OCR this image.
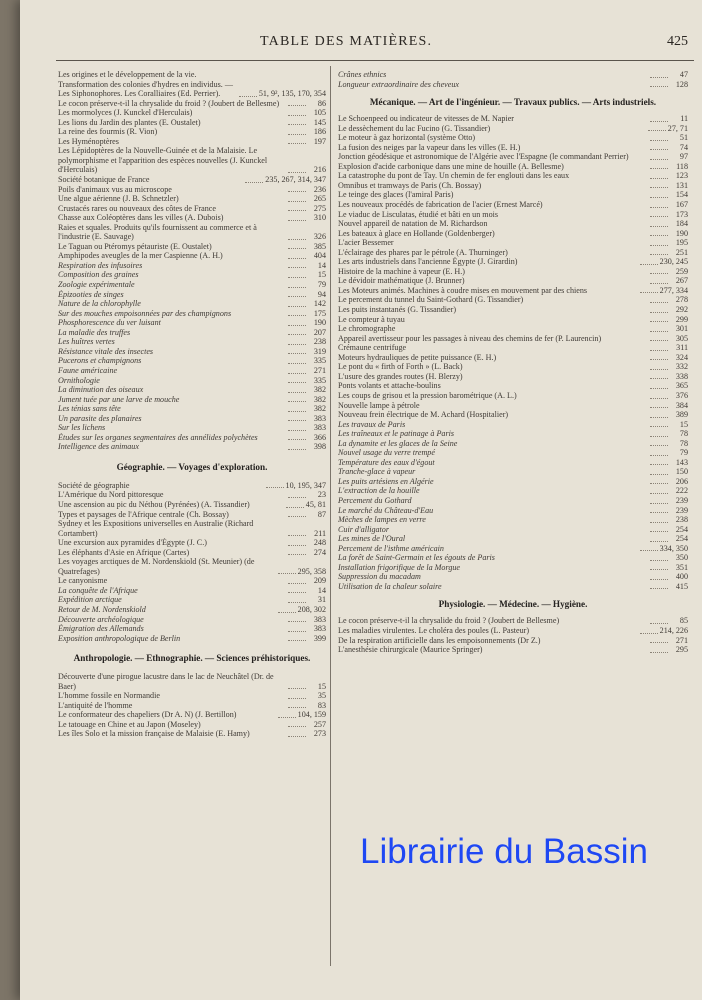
TABLE DES MATIÈRES.	425
Les origines et le développement de la vie. Transformation des colonies d'hydres en individus. — Les Siphonophores. Les Coralliaires (Ed. Perrier).	51, 9², 135, 170, 354
Le cocon préserve-t-il la chrysalide du froid ? (Joubert de Bellesme)	86
Les mormolyces (J. Kunckel d'Herculais)	105
Les lions du Jardin des plantes (E. Oustalet)	145
La reine des fourmis (R. Vion)	186
Les Hyménoptères	197
Les Lépidoptères de la Nouvelle-Guinée et de la Malaisie. Le polymorphisme et l'apparition des espèces nouvelles (J. Kunckel d'Herculais)	216
Société botanique de France	235, 267, 314, 347
Poils d'animaux vus au microscope	236
Une algue aérienne (J. B. Schnetzler)	265
Crustacés rares ou nouveaux des côtes de France	275
Chasse aux Coléoptères dans les villes (A. Dubois)	310
Raies et squales. Produits qu'ils fournissent au commerce et à l'industrie (E. Sauvage)	326
Le Taguan ou Ptéromys pétauriste (E. Oustalet)	385
Amphipodes aveugles de la mer Caspienne (A. H.)	404
Respiration des infusoires	14
Composition des graines	15
Zoologie expérimentale	79
Épizooties de singes	94
Nature de la chlorophylle	142
Sur des mouches empoisonnées par des champignons	175
Phosphorescence du ver luisant	190
La maladie des truffes	207
Les huîtres vertes	238
Résistance vitale des insectes	319
Pucerons et champignons	335
Faune américaine	271
Ornithologie	335
La diminution des oiseaux	382
Jument tuée par une larve de mouche	382
Les ténias sans tête	382
Un parasite des planaires	383
Sur les lichens	383
Études sur les organes segmentaires des annélides polychètes	366
Intelligence des animaux	398
Géographie. — Voyages d'exploration.
Société de géographie	10, 195, 347
L'Amérique du Nord pittoresque	23
Une ascension au pic du Néthou (Pyrénées) (A. Tissandier)	45, 81
Types et paysages de l'Afrique centrale (Ch. Bossay)	87
Sydney et les Expositions universelles en Australie (Richard Cortambert)	211
Une excursion aux pyramides d'Égypte (J. C.)	248
Les éléphants d'Asie en Afrique (Cartes)	274
Les voyages arctiques de M. Nordenskiold (St. Meunier) (de Quatrefages)	295, 358
Le canyonisme	209
La conquête de l'Afrique	14
Expédition arctique	31
Retour de M. Nordenskiold	208, 302
Découverte archéologique	383
Émigration des Allemands	383
Exposition anthropologique de Berlin	399
Anthropologie. — Ethnographie. — Sciences préhistoriques.
Découverte d'une pirogue lacustre dans le lac de Neuchâtel (Dr. de Baer)	15
L'homme fossile en Normandie	35
L'antiquité de l'homme	83
Le conformateur des chapeliers (Dr A. N) (J. Bertillon)	104, 159
Le tatouage en Chine et au Japon (Moseley)	257
Les îles Solo et la mission française de Malaisie (E. Hamy)	273
Crânes ethnics	47
Longueur extraordinaire des cheveux	128
Mécanique. — Art de l'ingénieur. — Travaux publics. — Arts industriels.
Le Schoenpeed ou indicateur de vitesses de M. Napier	11
Le dessèchement du lac Fucino (G. Tissandier)	27, 71
Le moteur à gaz horizontal (système Otto)	51
La fusion des neiges par la vapeur dans les villes (E. H.)	74
Jonction géodésique et astronomique de l'Algérie avec l'Espagne (le commandant Perrier)	97
Explosion d'acide carbonique dans une mine de houille (A. Bellesme)	118
La catastrophe du pont de Tay. Un chemin de fer englouti dans les eaux	123
Omnibus et tramways de Paris (Ch. Bossay)	131
Le teinge des glaces (l'amiral Paris)	154
Les nouveaux procédés de fabrication de l'acier (Ernest Marcé)	167
Le viaduc de Lisculatas, étudié et bâti en un mois	173
Nouvel appareil de natation de M. Richardson	184
Les bateaux à glace en Hollande (Goldenberger)	190
L'acier Bessemer	195
L'éclairage des phares par le pétrole (A. Thurninger)	251
Les arts industriels dans l'ancienne Égypte (J. Girardin)	230, 245
Histoire de la machine à vapeur (E. H.)	259
Le dévidoir mathématique (J. Brunner)	267
Les Moteurs animés. Machines à coudre mises en mouvement par des chiens	277, 334
Le percement du tunnel du Saint-Gothard (G. Tissandier)	278
Les puits instantanés (G. Tissandier)	292
Le compteur à tuyau	299
Le chromographe	301
Appareil avertisseur pour les passages à niveau des chemins de fer (P. Laurencin)	305
Crémaune centrifuge	311
Moteurs hydrauliques de petite puissance (E. H.)	324
Le pont du « firth of Forth » (L. Back)	332
L'usure des grandes routes (H. Blerzy)	338
Ponts volants et attache-boulins	365
Les coups de grisou et la pression barométrique (A. L.)	376
Nouvelle lampe à pétrole	384
Nouveau frein électrique de M. Achard (Hospitalier)	389
Les travaux de Paris	15
Les traîneaux et le patinage à Paris	78
La dynamite et les glaces de la Seine	78
Nouvel usage du verre trempé	79
Température des eaux d'égout	143
Tranche-glace à vapeur	150
Les puits artésiens en Algérie	206
L'extraction de la houille	222
Percement du Gothard	239
Le marché du Château-d'Eau	239
Mèches de lampes en verre	238
Cuir d'alligator	254
Les mines de l'Oural	254
Percement de l'isthme américain	334, 350
La forêt de Saint-Germain et les égouts de Paris	350
Installation frigorifique de la Morgue	351
Suppression du macadam	400
Utilisation de la chaleur solaire	415
Physiologie. — Médecine. — Hygiène.
Le cocon préserve-t-il la chrysalide du froid ? (Joubert de Bellesme)	85
Les maladies virulentes. Le choléra des poules (L. Pasteur)	214, 226
De la respiration artificielle dans les empoisonnements (Dr Z.)	271
L'anesthésie chirurgicale (Maurice Springer)	295
Librairie du Bassin
